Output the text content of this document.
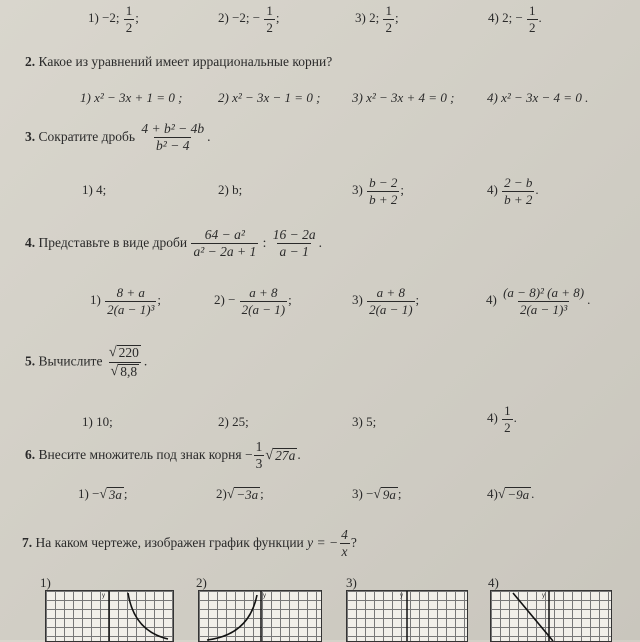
1) −2; $\frac{1}{2}$ ;	2) −2; − $\frac{1}{2}$ ;	3) 2; $\frac{1}{2}$ ;	4) 2; − $\frac{1}{2}$ .
2. Какое из уравнений имеет иррациональные корни?
1) x² − 3x + 1 = 0 ;	2) x² − 3x − 1 = 0 ; 3) x² − 3x + 4 = 0 ;	4) x² − 3x − 4 = 0 .
3. Сократите дробь $\frac{\text{4 + b² − 4b}}{\text{b² − 4}}$ .
1) 4;	2) b;	$3) \frac{b - 2}{b + 2}$ ;	$4) \frac{2 - b}{b + 2}$ .
4. Представьте в виде дроби $\frac{\text{64 − a²}}{\text{a² − 2a + 1}}$ : $\frac{16 - 2a}{a - 1}$ .
$1) \frac{8 + a}{\text{2(a − 1)³}}$ ;	$2) - \frac{a + 8}{2(a - 1)}$ ;	$3) \frac{a + 8}{2(a - 1)}$ ;	$4) \frac{\text{(a − 8)² (a + 8)}}{\text{2(a − 1)³}}$ .
5. Вычислите $\frac{√ 220}{√ 8,8}$ .
1) 10;	2) 25;	3) 5;	$4) \frac{1}{2}$ .
6. Внесите множитель под знак корня − $\frac{1}{3}$ √ 27a .
1) − √ 3a ;	2) √ −3a ;	3) − √ 9a ;	4) √ −9a .
7. На каком чертеже, изображен график функции y = − $\frac{4}{x}$ ?
1)	2)	3)	4)
y	y	y	y
